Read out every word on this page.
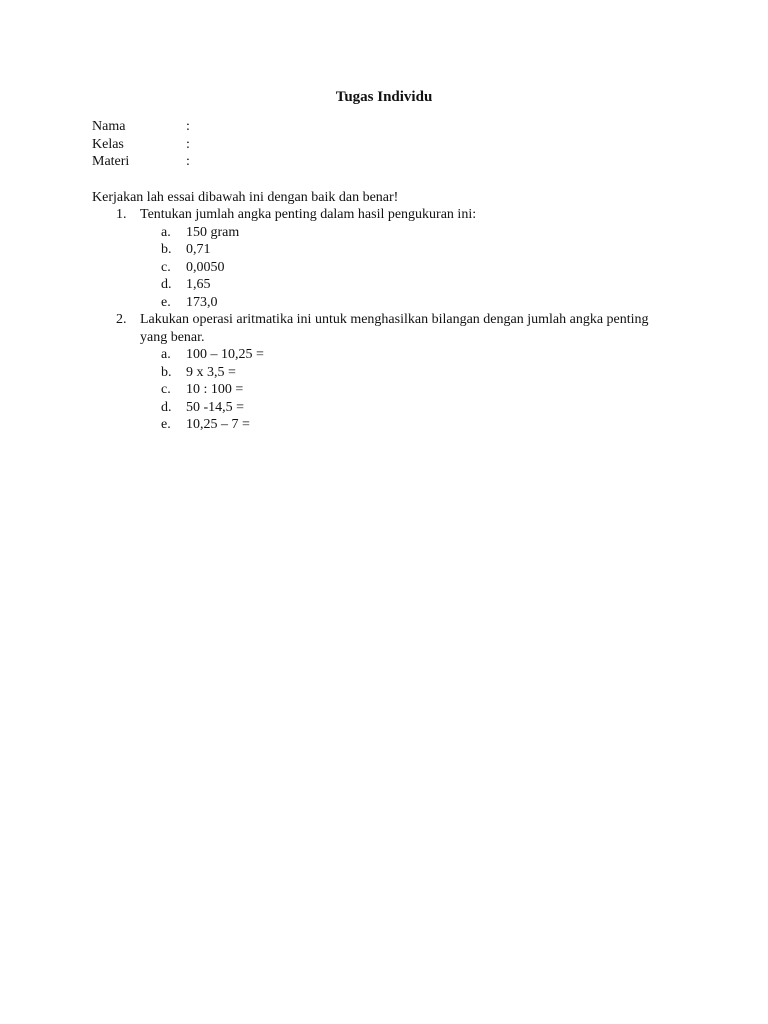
Tugas Individu
Nama	:
Kelas	:
Materi	:
Kerjakan lah essai dibawah ini dengan baik dan benar!
1. Tentukan jumlah angka penting dalam hasil pengukuran ini:
a. 150 gram
b. 0,71
c. 0,0050
d. 1,65
e. 173,0
2. Lakukan operasi aritmatika ini untuk menghasilkan bilangan dengan jumlah angka penting yang benar.
a. 100 – 10,25 =
b. 9 x 3,5 =
c. 10 : 100 =
d. 50 -14,5 =
e. 10,25 – 7 =
